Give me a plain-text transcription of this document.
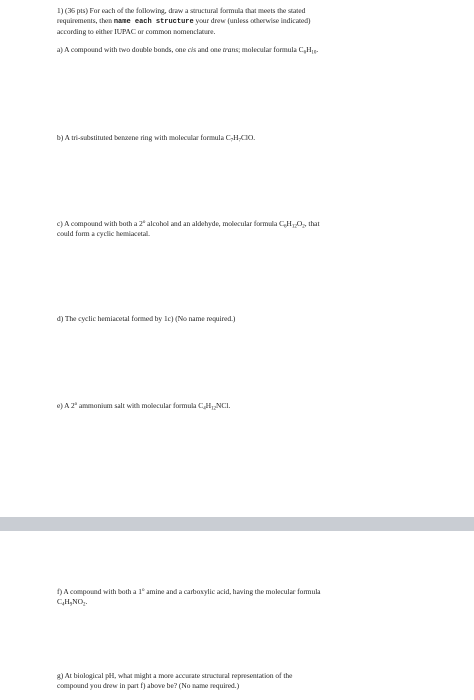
1) (36 pts) For each of the following, draw a structural formula that meets the stated
requirements, then name each structure your drew (unless otherwise indicated)
according to either IUPAC or common nomenclature.
a) A compound with two double bonds, one cis and one trans; molecular formula $C_6H_{10}$.
b) A tri-substituted benzene ring with molecular formula $C_7H_7ClO$.
c) A compound with both a 2$^o$ alcohol and an aldehyde, molecular formula $C_6H_{12}O_2$, that
could form a cyclic hemiacetal.
d) The cyclic hemiacetal formed by 1c) (No name required.)
e) A 2$^o$ ammonium salt with molecular formula $C_4H_{12}NCl$.
f) A compound with both a 1$^o$ amine and a carboxylic acid, having the molecular formula
$C_4H_9NO_2$.
g) At biological pH, what might a more accurate structural representation of the
compound you drew in part f) above be? (No name required.)
